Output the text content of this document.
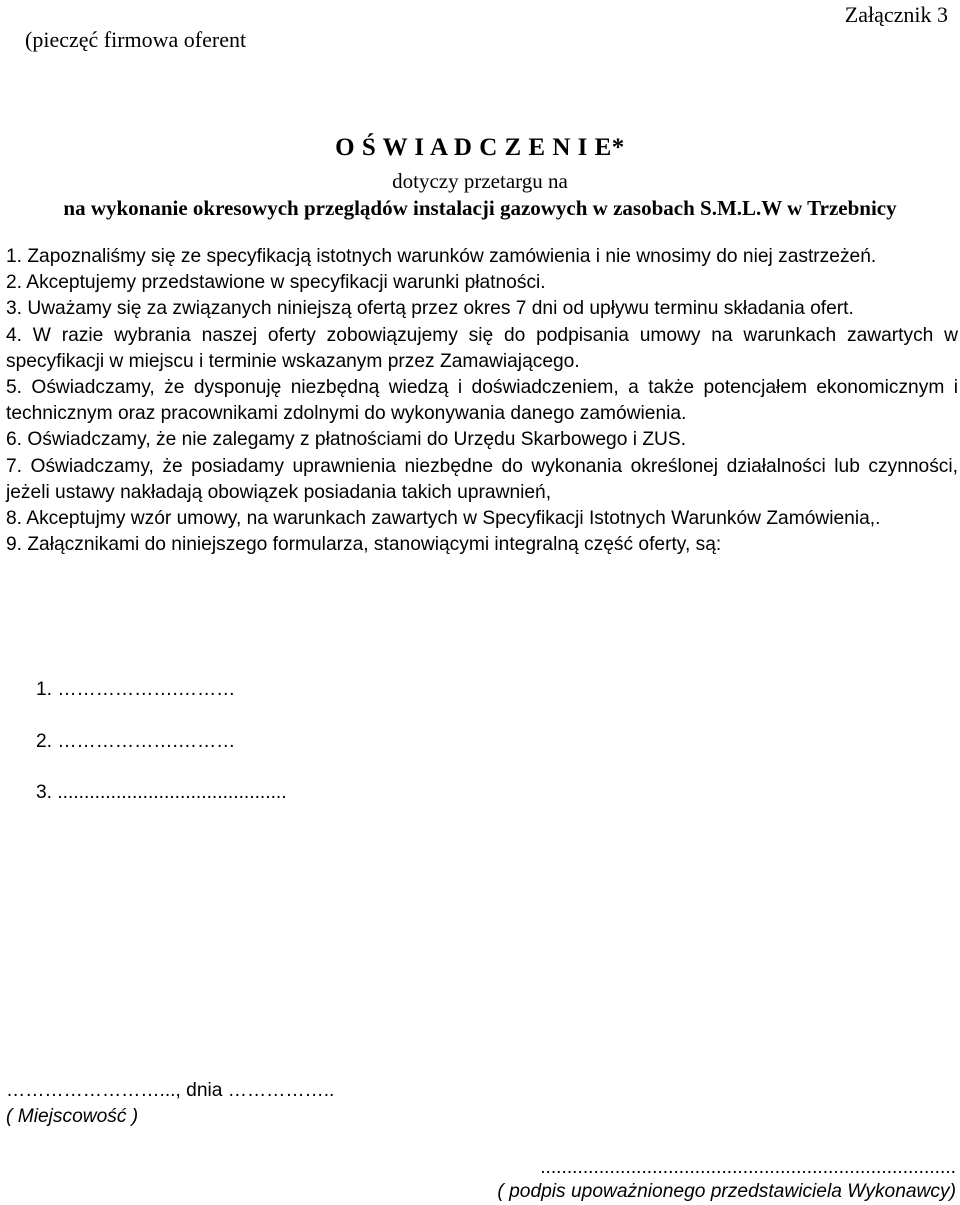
Załącznik 3
(pieczęć firmowa oferent
O Ś W I A D C Z E N I E*
dotyczy przetargu na
na wykonanie okresowych przeglądów instalacji gazowych w zasobach S.M.L.W w Trzebnicy
1. Zapoznaliśmy się ze specyfikacją istotnych warunków zamówienia i nie wnosimy do niej zastrzeżeń.
2. Akceptujemy przedstawione w specyfikacji warunki płatności.
3. Uważamy się za związanych niniejszą ofertą przez okres 7 dni od upływu terminu składania ofert.
4. W razie wybrania naszej oferty zobowiązujemy się do podpisania umowy na warunkach zawartych w specyfikacji w miejscu i terminie wskazanym przez Zamawiającego.
5. Oświadczamy, że dysponuję niezbędną wiedzą i doświadczeniem, a także potencjałem ekonomicznym i technicznym oraz pracownikami zdolnymi do wykonywania danego zamówienia.
6. Oświadczamy, że nie zalegamy z płatnościami do Urzędu Skarbowego i ZUS.
7. Oświadczamy, że posiadamy uprawnienia niezbędne do wykonania określonej działalności lub czynności, jeżeli ustawy nakładają obowiązek posiadania takich uprawnień,
8. Akceptujmy wzór umowy, na warunkach zawartych w Specyfikacji Istotnych Warunków Zamówienia,.
9. Załącznikami do niniejszego formularza, stanowiącymi integralną część oferty, są:
1. ……………….………
2. ……………….………
3. ...........................................
……………………..., dnia ……………..
( Miejscowość )
..............................................................................
( podpis upoważnionego przedstawiciela Wykonawcy)
